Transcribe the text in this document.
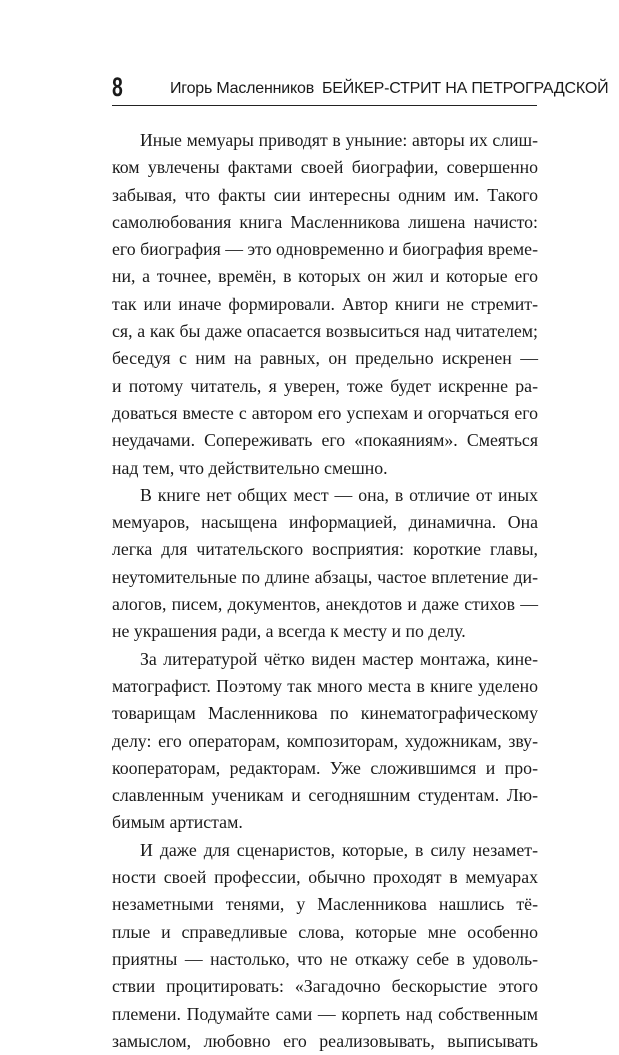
8	Игорь Масленников БЕЙКЕР-СТРИТ НА ПЕТРОГРАДСКОЙ
Иные мемуары приводят в уныние: авторы их слиш-
ком увлечены фактами своей биографии, совершенно
забывая, что факты сии интересны одним им. Такого
самолюбования книга Масленникова лишена начисто:
его биография — это одновременно и биография време-
ни, а точнее, времён, в которых он жил и которые его
так или иначе формировали. Автор книги не стремит-
ся, а как бы даже опасается возвыситься над читателем;
беседуя с ним на равных, он предельно искренен —
и потому читатель, я уверен, тоже будет искренне ра-
доваться вместе с автором его успехам и огорчаться его
неудачами. Сопереживать его «покаяниям». Смеяться
над тем, что действительно смешно.
В книге нет общих мест — она, в отличие от иных
мемуаров, насыщена информацией, динамична. Она
легка для читательского восприятия: короткие главы,
неутомительные по длине абзацы, частое вплетение ди-
алогов, писем, документов, анекдотов и даже стихов —
не украшения ради, а всегда к месту и по делу.
За литературой чётко виден мастер монтажа, кине-
матографист. Поэтому так много места в книге уделено
товарищам Масленникова по кинематографическому
делу: его операторам, композиторам, художникам, зву-
кооператорам, редакторам. Уже сложившимся и про-
славленным ученикам и сегодняшним студентам. Лю-
бимым артистам.
И даже для сценаристов, которые, в силу незамет-
ности своей профессии, обычно проходят в мемуарах
незаметными тенями, у Масленникова нашлись тё-
плые и справедливые слова, которые мне особенно
приятны — настолько, что не откажу себе в удоволь-
ствии процитировать: «Загадочно бескорыстие этого
племени. Подумайте сами — корпеть над собственным
замыслом, любовно его реализовывать, выписывать
